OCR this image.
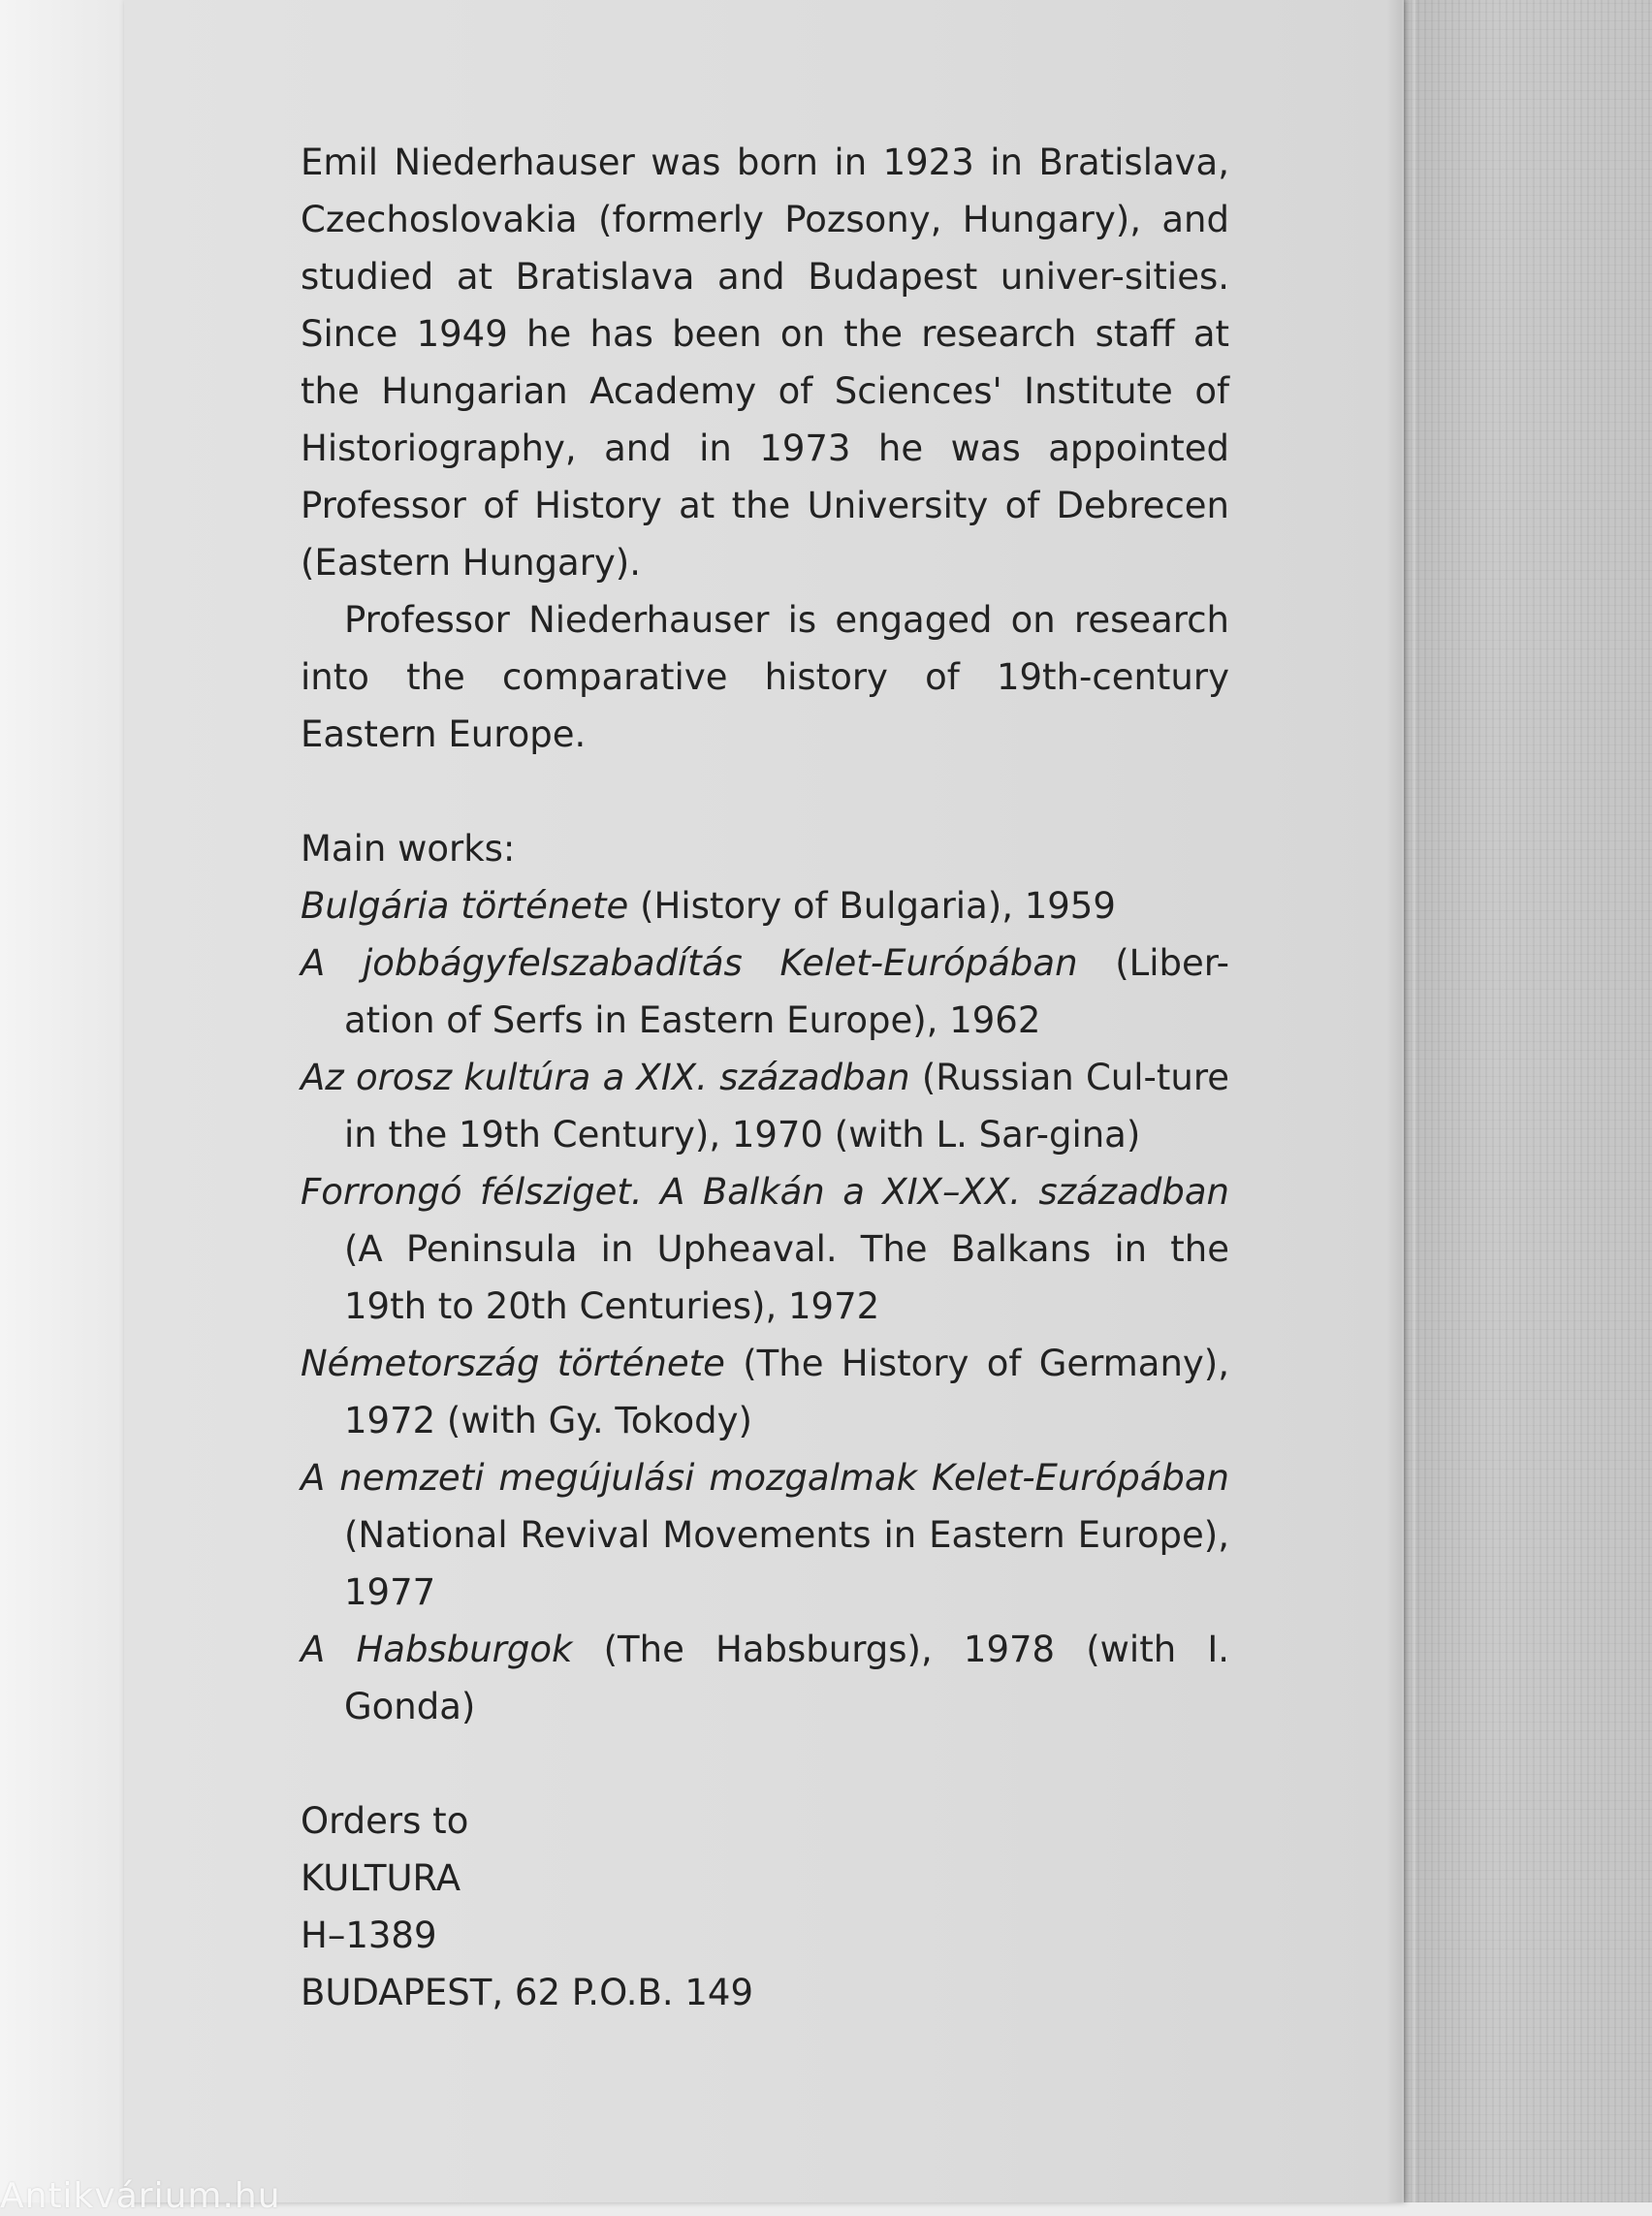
Emil Niederhauser was born in 1923 in Bratislava, Czechoslovakia (formerly Pozsony, Hungary), and studied at Bratislava and Budapest univer-sities. Since 1949 he has been on the research staff at the Hungarian Academy of Sciences' Institute of Historiography, and in 1973 he was appointed Professor of History at the University of Debrecen (Eastern Hungary).

Professor Niederhauser is engaged on research into the comparative history of 19th-century Eastern Europe.

Main works:

Bulgária története (History of Bulgaria), 1959

A jobbágyfelszabadítás Kelet-Európában (Liber-ation of Serfs in Eastern Europe), 1962

Az orosz kultúra a XIX. században (Russian Cul-ture in the 19th Century), 1970 (with L. Sar-gina)

Forrongó félsziget. A Balkán a XIX–XX. században (A Peninsula in Upheaval. The Balkans in the 19th to 20th Centuries), 1972

Németország története (The History of Germany), 1972 (with Gy. Tokody)

A nemzeti megújulási mozgalmak Kelet-Európában (National Revival Movements in Eastern Europe), 1977

A Habsburgok (The Habsburgs), 1978 (with I. Gonda)

Orders to

KULTURA

H–1389

BUDAPEST, 62 P.O.B. 149

Antikvárium.hu
